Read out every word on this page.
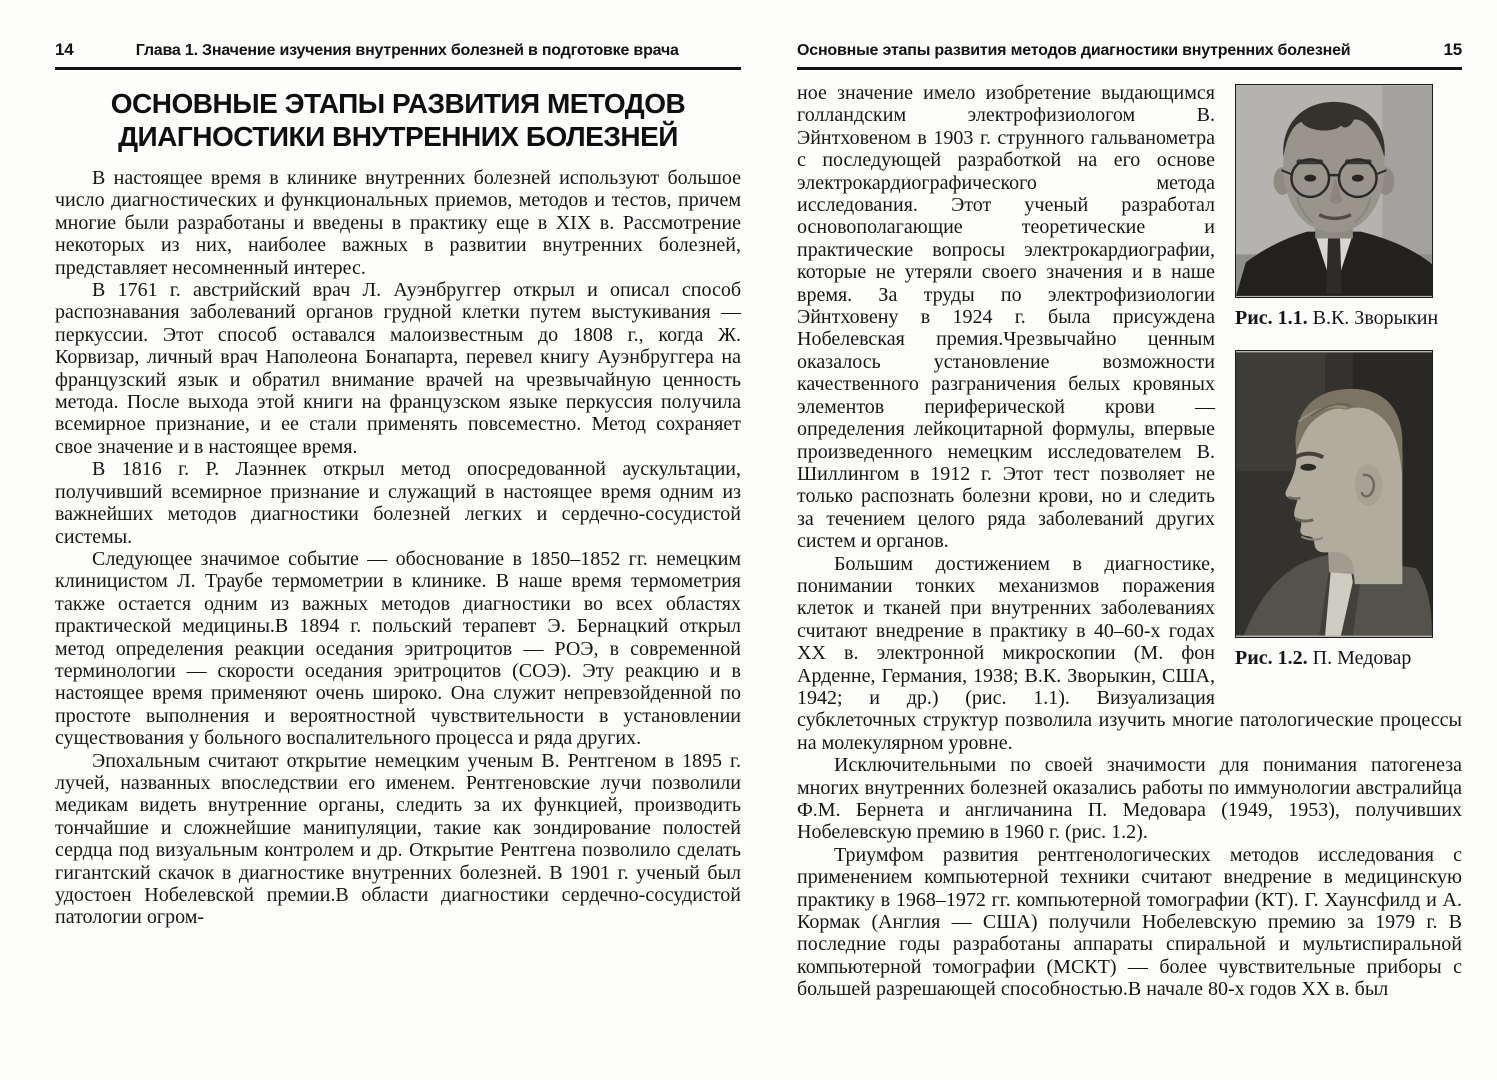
14	Глава 1. Значение изучения внутренних болезней в подготовке врача
ОСНОВНЫЕ ЭТАПЫ РАЗВИТИЯ МЕТОДОВ
ДИАГНОСТИКИ ВНУТРЕННИХ БОЛЕЗНЕЙ

В настоящее время в клинике внутренних болезней используют большое число диагностических и функциональных приемов, методов и тестов, причем многие были разработаны и введены в практику еще в XIX в. Рассмотрение некоторых из них, наиболее важных в развитии внутренних болезней, представляет несомненный интерес.

В 1761 г. австрийский врач Л. Ауэнбруггер открыл и описал способ распознавания заболеваний органов грудной клетки путем выстукивания — перкуссии. Этот способ оставался малоизвестным до 1808 г., когда Ж. Корвизар, личный врач Наполеона Бонапарта, перевел книгу Ауэнбруггера на французский язык и обратил внимание врачей на чрезвычайную ценность метода. После выхода этой книги на французском языке перкуссия получила всемирное признание, и ее стали применять повсеместно. Метод сохраняет свое значение и в настоящее время.

В 1816 г. Р. Лаэннек открыл метод опосредованной аускультации, получивший всемирное признание и служащий в настоящее время одним из важнейших методов диагностики болезней легких и сердечно-сосудистой системы.

Следующее значимое событие — обоснование в 1850–1852 гг. немецким клиницистом Л. Траубе термометрии в клинике. В наше время термометрия также остается одним из важных методов диагностики во всех областях практической медицины.В 1894 г. польский терапевт Э. Бернацкий открыл метод определения реакции оседания эритроцитов — РОЭ, в современной терминологии — скорости оседания эритроцитов (СОЭ). Эту реакцию и в настоящее время применяют очень широко. Она служит непревзойденной по простоте выполнения и вероятностной чувствительности в установлении существования у больного воспалительного процесса и ряда других.

Эпохальным считают открытие немецким ученым В. Рентгеном в 1895 г. лучей, названных впоследствии его именем. Рентгеновские лучи позволили медикам видеть внутренние органы, следить за их функцией, производить тончайшие и сложнейшие манипуляции, такие как зондирование полостей сердца под визуальным контролем и др. Открытие Рентгена позволило сделать гигантский скачок в диагностике внутренних болезней. В 1901 г. ученый был удостоен Нобелевской премии.В области диагностики сердечно-сосудистой патологии огром-

Основные этапы развития методов диагностики внутренних болезней	15
Рис. 1.1. В.К. Зворыкин
Рис. 1.2. П. Медовар

ное значение имело изобретение выдающимся голландским электрофизиологом В. Эйнтховеном в 1903 г. струнного гальванометра с последующей разработкой на его основе электрокардиографического метода исследования. Этот ученый разработал основополагающие теоретические и практические вопросы электрокардиографии, которые не утеряли своего значения и в наше время. За труды по электрофизиологии Эйнтховену в 1924 г. была присуждена Нобелевская премия.Чрезвычайно ценным оказалось установление возможности качественного разграничения белых кровяных элементов периферической крови — определения лейкоцитарной формулы, впервые произведенного немецким исследователем В. Шиллингом в 1912 г. Этот тест позволяет не только распознать болезни крови, но и следить за течением целого ряда заболеваний других систем и органов.

Большим достижением в диагностике, понимании тонких механизмов поражения клеток и тканей при внутренних заболеваниях считают внедрение в практику в 40–60-х годах XX в. электронной микроскопии (М. фон Арденне, Германия, 1938; В.К. Зворыкин, США, 1942; и др.) (рис. 1.1). Визуализация субклеточных структур позволила изучить многие патологические процессы на молекулярном уровне.

Исключительными по своей значимости для понимания патогенеза многих внутренних болезней оказались работы по иммунологии австралийца Ф.М. Бернета и англичанина П. Медовара (1949, 1953), получивших Нобелевскую премию в 1960 г. (рис. 1.2).

Триумфом развития рентгенологических методов исследования с применением компьютерной техники считают внедрение в медицинскую практику в 1968–1972 гг. компьютерной томографии (КТ). Г. Хаунсфилд и А. Кормак (Англия — США) получили Нобелевскую премию за 1979 г. В последние годы разработаны аппараты спиральной и мультиспиральной компьютерной томографии (МСКТ) — более чувствительные приборы с большей разрешающей способностью.В начале 80-х годов XX в. был
